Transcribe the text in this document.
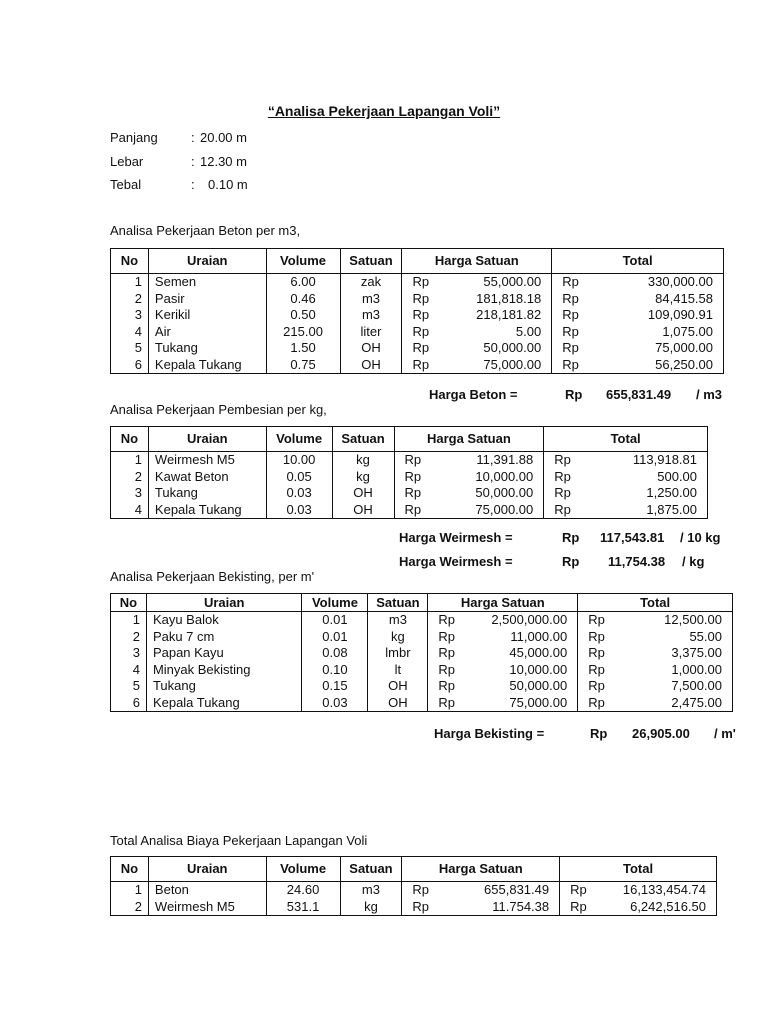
“Analisa Pekerjaan Lapangan Voli”
Panjang	: 20.00 m
Lebar	: 12.30 m
Tebal	: 0.10 m
Analisa Pekerjaan Beton per m3,
No	Uraian	Volume	Satuan	Harga Satuan		Total	
1	Semen	6.00	zak	Rp	55,000.00	Rp	330,000.00
2	Pasir	0.46	m3	Rp	181,818.18	Rp	84,415.58
3	Kerikil	0.50	m3	Rp	218,181.82	Rp	109,090.91
4	Air	215.00	liter	Rp	5.00	Rp	1,075.00
5	Tukang	1.50	OH	Rp	50,000.00	Rp	75,000.00
6	Kepala Tukang	0.75	OH	Rp	75,000.00	Rp	56,250.00
Harga Beton =	Rp 655,831.49 / m3
Analisa Pekerjaan Pembesian per kg,
No	Uraian	Volume	Satuan	Harga Satuan		Total	
1	Weirmesh M5	10.00	kg	Rp	11,391.88	Rp	113,918.81
2	Kawat Beton	0.05	kg	Rp	10,000.00	Rp	500.00
3	Tukang	0.03	OH	Rp	50,000.00	Rp	1,250.00
4	Kepala Tukang	0.03	OH	Rp	75,000.00	Rp	1,875.00
Harga Weirmesh =	Rp 117,543.81 / 10 kg
Harga Weirmesh =	Rp 11,754.38 / kg
Analisa Pekerjaan Bekisting, per m'
No	Uraian	Volume	Satuan	Harga Satuan		Total	
1	Kayu Balok	0.01	m3	Rp	2,500,000.00	Rp	12,500.00
2	Paku 7 cm	0.01	kg	Rp	11,000.00	Rp	55.00
3	Papan Kayu	0.08	lmbr	Rp	45,000.00	Rp	3,375.00
4	Minyak Bekisting	0.10	lt	Rp	10,000.00	Rp	1,000.00
5	Tukang	0.15	OH	Rp	50,000.00	Rp	7,500.00
6	Kepala Tukang	0.03	OH	Rp	75,000.00	Rp	2,475.00
Harga Bekisting =	Rp 26,905.00 / m'
Total Analisa Biaya Pekerjaan Lapangan Voli
No	Uraian	Volume	Satuan	Harga Satuan		Total	
1	Beton	24.60	m3	Rp	655,831.49	Rp	16,133,454.74
2	Weirmesh M5	531.1	kg	Rp	11.754.38	Rp	6,242,516.50
